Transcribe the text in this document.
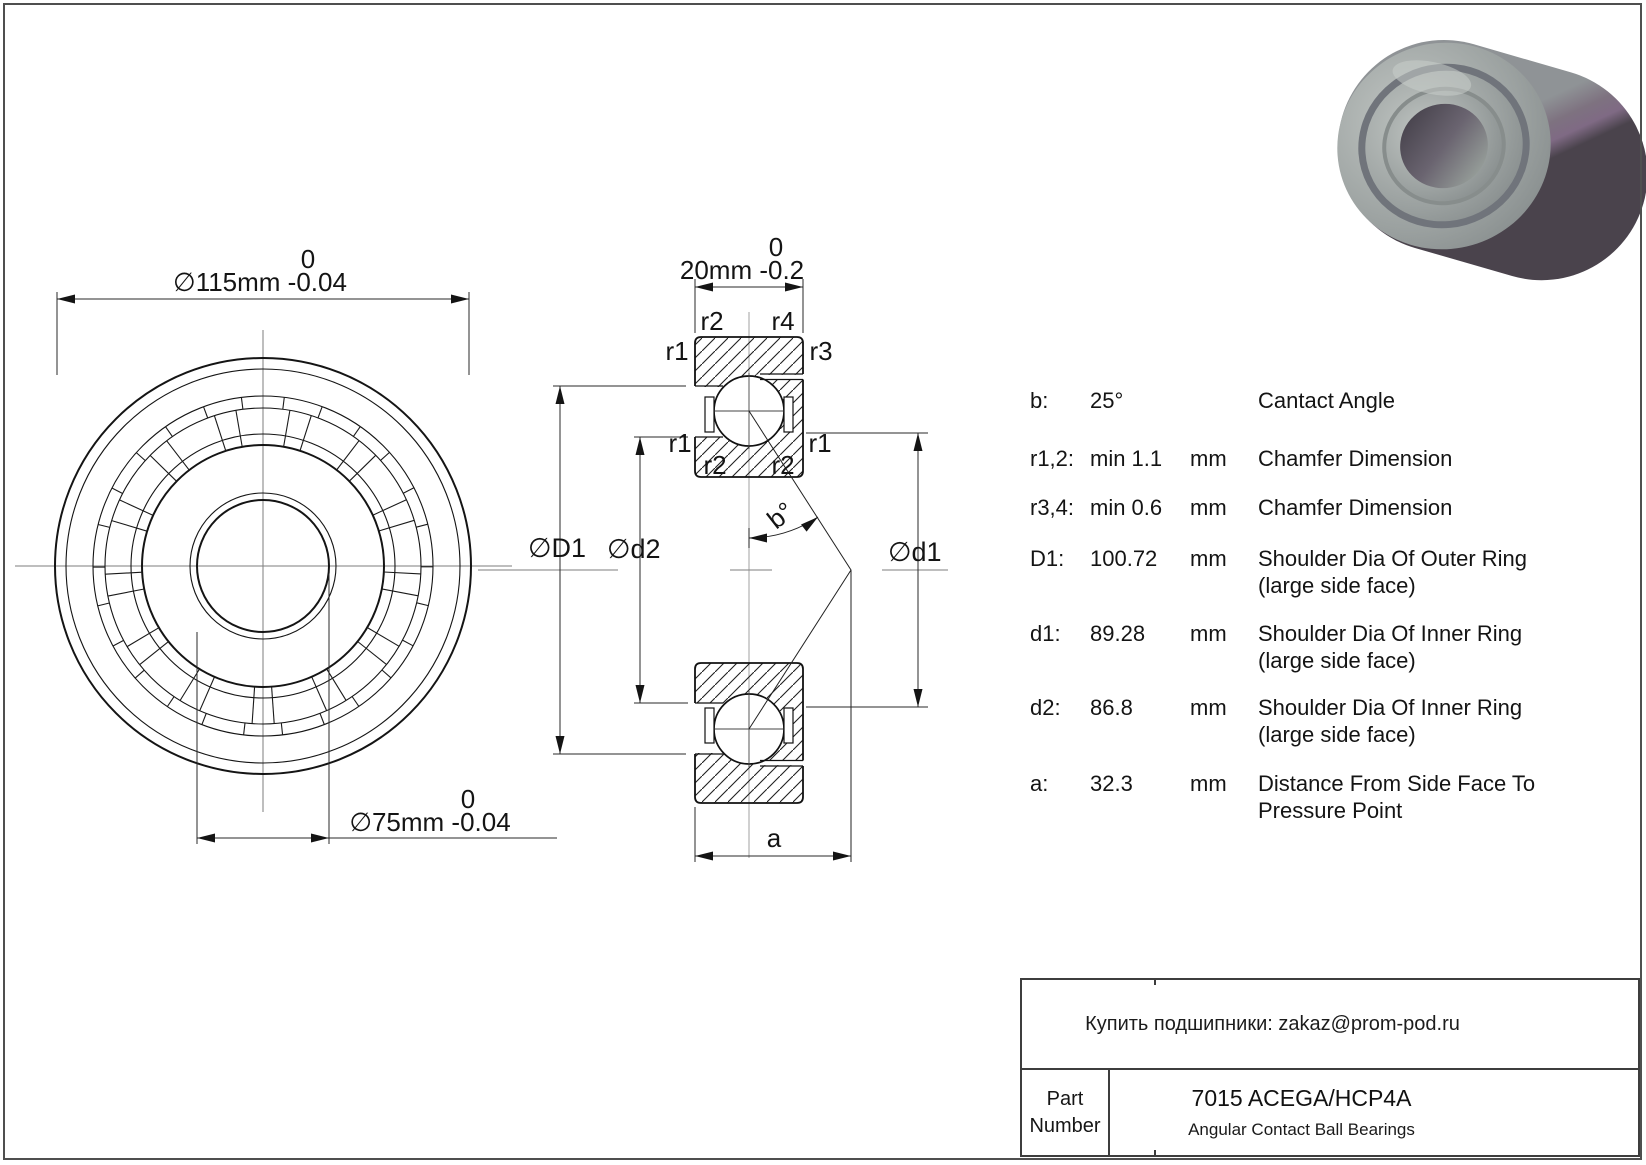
∅115mm -0.04
0
∅75mm -0.04
0
b°
20mm -0.2
0
∅D1 ∅d2	∅d1
a
r2 r4
r1	r3
r1	r1
r2 r2
b: 25°	Cantact Angle
r1,2: min 1.1 mm Chamfer Dimension
r3,4: min 0.6 mm Chamfer Dimension
D1: 100.72 mm Shoulder Dia Of Outer Ring
(large side face)
d1: 89.28 mm Shoulder Dia Of Inner Ring
(large side face)
d2: 86.8	mm Shoulder Dia Of Inner Ring
(large side face)
a: 32.3	mm Distance From Side Face To
Pressure Point
Купить подшипники: zakaz@prom-pod.ru
Part Number
7015 ACEGA/HCP4A
Angular Contact Ball Bearings
